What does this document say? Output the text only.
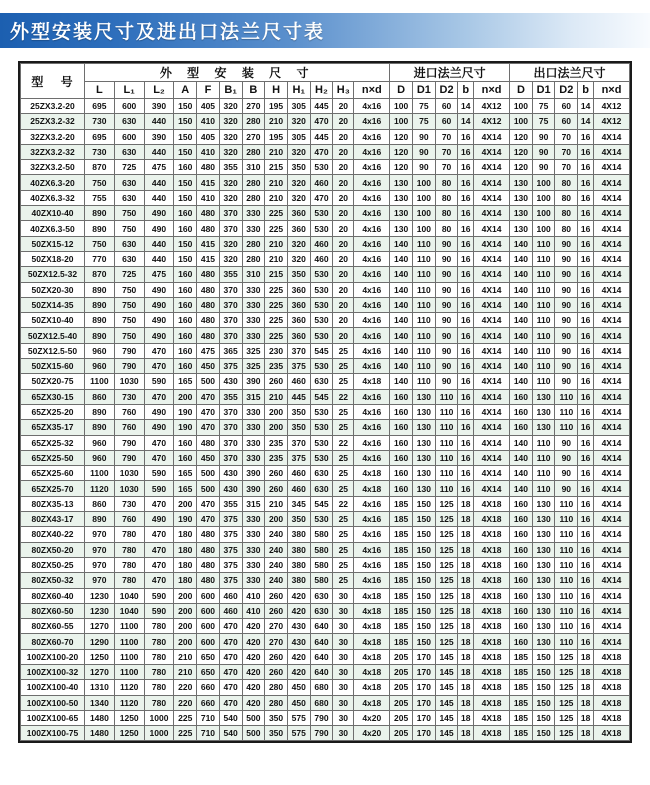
外型安装尺寸及进出口法兰尺寸表
型 号	外 型 安 装 尺 寸												进口法兰尺寸					出口法兰尺寸				
	L	L₁	L₂	A	F	B₁	B	H	H₁	H₂	H₃	n×d	D	D1	D2	b	n×d	D	D1	D2	b	n×d
25ZX3.2-20	695	600	390	150	405	320	270	195	305	445	20	4x16	100	75	60	14	4X12	100	75	60	14	4X12
25ZX3.2-32	730	630	440	150	410	320	280	210	320	470	20	4x16	100	75	60	14	4X12	100	75	60	14	4X12
32ZX3.2-20	695	600	390	150	405	320	270	195	305	445	20	4x16	120	90	70	16	4X14	120	90	70	16	4X14
32ZX3.2-32	730	630	440	150	410	320	280	210	320	470	20	4x16	120	90	70	16	4X14	120	90	70	16	4X14
32ZX3.2-50	870	725	475	160	480	355	310	215	350	530	20	4x16	120	90	70	16	4X14	120	90	70	16	4X14
40ZX6.3-20	750	630	440	150	415	320	280	210	320	460	20	4x16	130	100	80	16	4X14	130	100	80	16	4X14
40ZX6.3-32	755	630	440	150	410	320	280	210	320	470	20	4x16	130	100	80	16	4X14	130	100	80	16	4X14
40ZX10-40	890	750	490	160	480	370	330	225	360	530	20	4x16	130	100	80	16	4X14	130	100	80	16	4X14
40ZX6.3-50	890	750	490	160	480	370	330	225	360	530	20	4x16	130	100	80	16	4X14	130	100	80	16	4X14
50ZX15-12	750	630	440	150	415	320	280	210	320	460	20	4x16	140	110	90	16	4X14	140	110	90	16	4X14
50ZX18-20	770	630	440	150	415	320	280	210	320	460	20	4x16	140	110	90	16	4X14	140	110	90	16	4X14
50ZX12.5-32	870	725	475	160	480	355	310	215	350	530	20	4x16	140	110	90	16	4X14	140	110	90	16	4X14
50ZX20-30	890	750	490	160	480	370	330	225	360	530	20	4x16	140	110	90	16	4X14	140	110	90	16	4X14
50ZX14-35	890	750	490	160	480	370	330	225	360	530	20	4x16	140	110	90	16	4X14	140	110	90	16	4X14
50ZX10-40	890	750	490	160	480	370	330	225	360	530	20	4x16	140	110	90	16	4X14	140	110	90	16	4X14
50ZX12.5-40	890	750	490	160	480	370	330	225	360	530	20	4x16	140	110	90	16	4X14	140	110	90	16	4X14
50ZX12.5-50	960	790	470	160	475	365	325	230	370	545	25	4x16	140	110	90	16	4X14	140	110	90	16	4X14
50ZX15-60	960	790	470	160	450	375	325	235	375	530	25	4x16	140	110	90	16	4X14	140	110	90	16	4X14
50ZX20-75	1100	1030	590	165	500	430	390	260	460	630	25	4x18	140	110	90	16	4X14	140	110	90	16	4X14
65ZX30-15	860	730	470	200	470	355	315	210	445	545	22	4x16	160	130	110	16	4X14	160	130	110	16	4X14
65ZX25-20	890	760	490	190	470	370	330	200	350	530	25	4x16	160	130	110	16	4X14	160	130	110	16	4X14
65ZX35-17	890	760	490	190	470	370	330	200	350	530	25	4x16	160	130	110	16	4X14	160	130	110	16	4X14
65ZX25-32	960	790	470	160	480	370	330	235	370	530	22	4x16	160	130	110	16	4X14	140	110	90	16	4X14
65ZX25-50	960	790	470	160	450	370	330	235	375	530	25	4x16	160	130	110	16	4X14	140	110	90	16	4X14
65ZX25-60	1100	1030	590	165	500	430	390	260	460	630	25	4x18	160	130	110	16	4X14	140	110	90	16	4X14
65ZX25-70	1120	1030	590	165	500	430	390	260	460	630	25	4x18	160	130	110	16	4X14	140	110	90	16	4X14
80ZX35-13	860	730	470	200	470	355	315	210	345	545	22	4x16	185	150	125	18	4X18	160	130	110	16	4X14
80ZX43-17	890	760	490	190	470	375	330	200	350	530	25	4x16	185	150	125	18	4X18	160	130	110	16	4X14
80ZX40-22	970	780	470	180	480	375	330	240	380	580	25	4x16	185	150	125	18	4X18	160	130	110	16	4X14
80ZX50-20	970	780	470	180	480	375	330	240	380	580	25	4x16	185	150	125	18	4X18	160	130	110	16	4X14
80ZX50-25	970	780	470	180	480	375	330	240	380	580	25	4x16	185	150	125	18	4X18	160	130	110	16	4X14
80ZX50-32	970	780	470	180	480	375	330	240	380	580	25	4x16	185	150	125	18	4X18	160	130	110	16	4X14
80ZX60-40	1230	1040	590	200	600	460	410	260	420	630	30	4x18	185	150	125	18	4X18	160	130	110	16	4X14
80ZX60-50	1230	1040	590	200	600	460	410	260	420	630	30	4x18	185	150	125	18	4X18	160	130	110	16	4X14
80ZX60-55	1270	1100	780	200	600	470	420	270	430	640	30	4x18	185	150	125	18	4X18	160	130	110	16	4X14
80ZX60-70	1290	1100	780	200	600	470	420	270	430	640	30	4x18	185	150	125	18	4X18	160	130	110	16	4X14
100ZX100-20	1250	1100	780	210	650	470	420	260	420	640	30	4x18	205	170	145	18	4X18	185	150	125	18	4X18
100ZX100-32	1270	1100	780	210	650	470	420	260	420	640	30	4x18	205	170	145	18	4X18	185	150	125	18	4X18
100ZX100-40	1310	1120	780	220	660	470	420	280	450	680	30	4x18	205	170	145	18	4X18	185	150	125	18	4X18
100ZX100-50	1340	1120	780	220	660	470	420	280	450	680	30	4x18	205	170	145	18	4X18	185	150	125	18	4X18
100ZX100-65	1480	1250	1000	225	710	540	500	350	575	790	30	4x20	205	170	145	18	4X18	185	150	125	18	4X18
100ZX100-75	1480	1250	1000	225	710	540	500	350	575	790	30	4x20	205	170	145	18	4X18	185	150	125	18	4X18
